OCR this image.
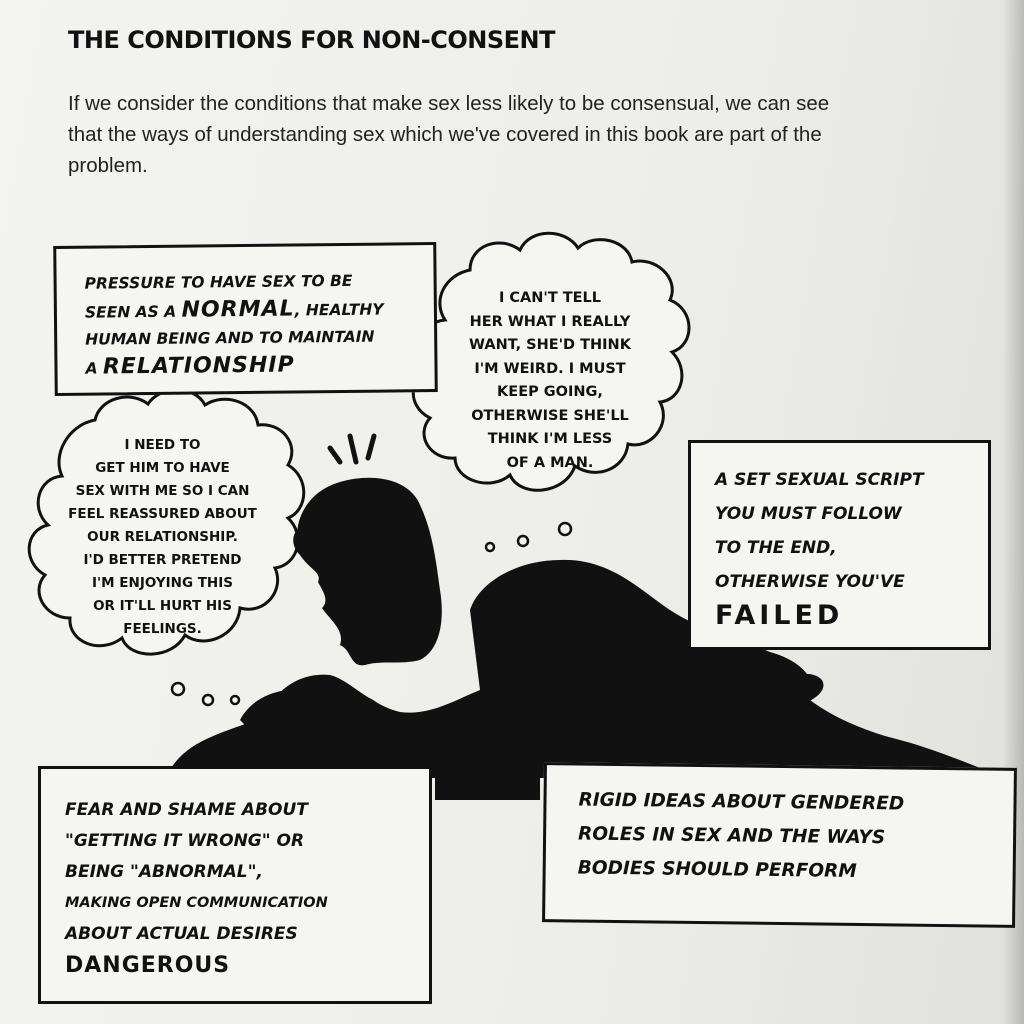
THE CONDITIONS FOR NON-CONSENT
If we consider the conditions that make sex less likely to be consensual, we can see
that the ways of understanding sex which we've covered in this book are part of the
problem.
PRESSURE TO HAVE SEX TO BE
SEEN AS A NORMAL, HEALTHY
HUMAN BEING AND TO MAINTAIN
A RELATIONSHIP
I CAN'T TELL
HER WHAT I REALLY
WANT, SHE'D THINK
I'M WEIRD. I MUST
KEEP GOING,
OTHERWISE SHE'LL
THINK I'M LESS
OF A MAN.
I NEED TO
GET HIM TO HAVE
SEX WITH ME SO I CAN
FEEL REASSURED ABOUT
OUR RELATIONSHIP.
I'D BETTER PRETEND
I'M ENJOYING THIS
OR IT'LL HURT HIS
FEELINGS.
A SET SEXUAL SCRIPT
YOU MUST FOLLOW
TO THE END,
OTHERWISE YOU'VE
FAILED
FEAR AND SHAME ABOUT
"GETTING IT WRONG" OR
BEING "ABNORMAL",
MAKING OPEN COMMUNICATION
ABOUT ACTUAL DESIRES
DANGEROUS
RIGID IDEAS ABOUT GENDERED
ROLES IN SEX AND THE WAYS
BODIES SHOULD PERFORM
